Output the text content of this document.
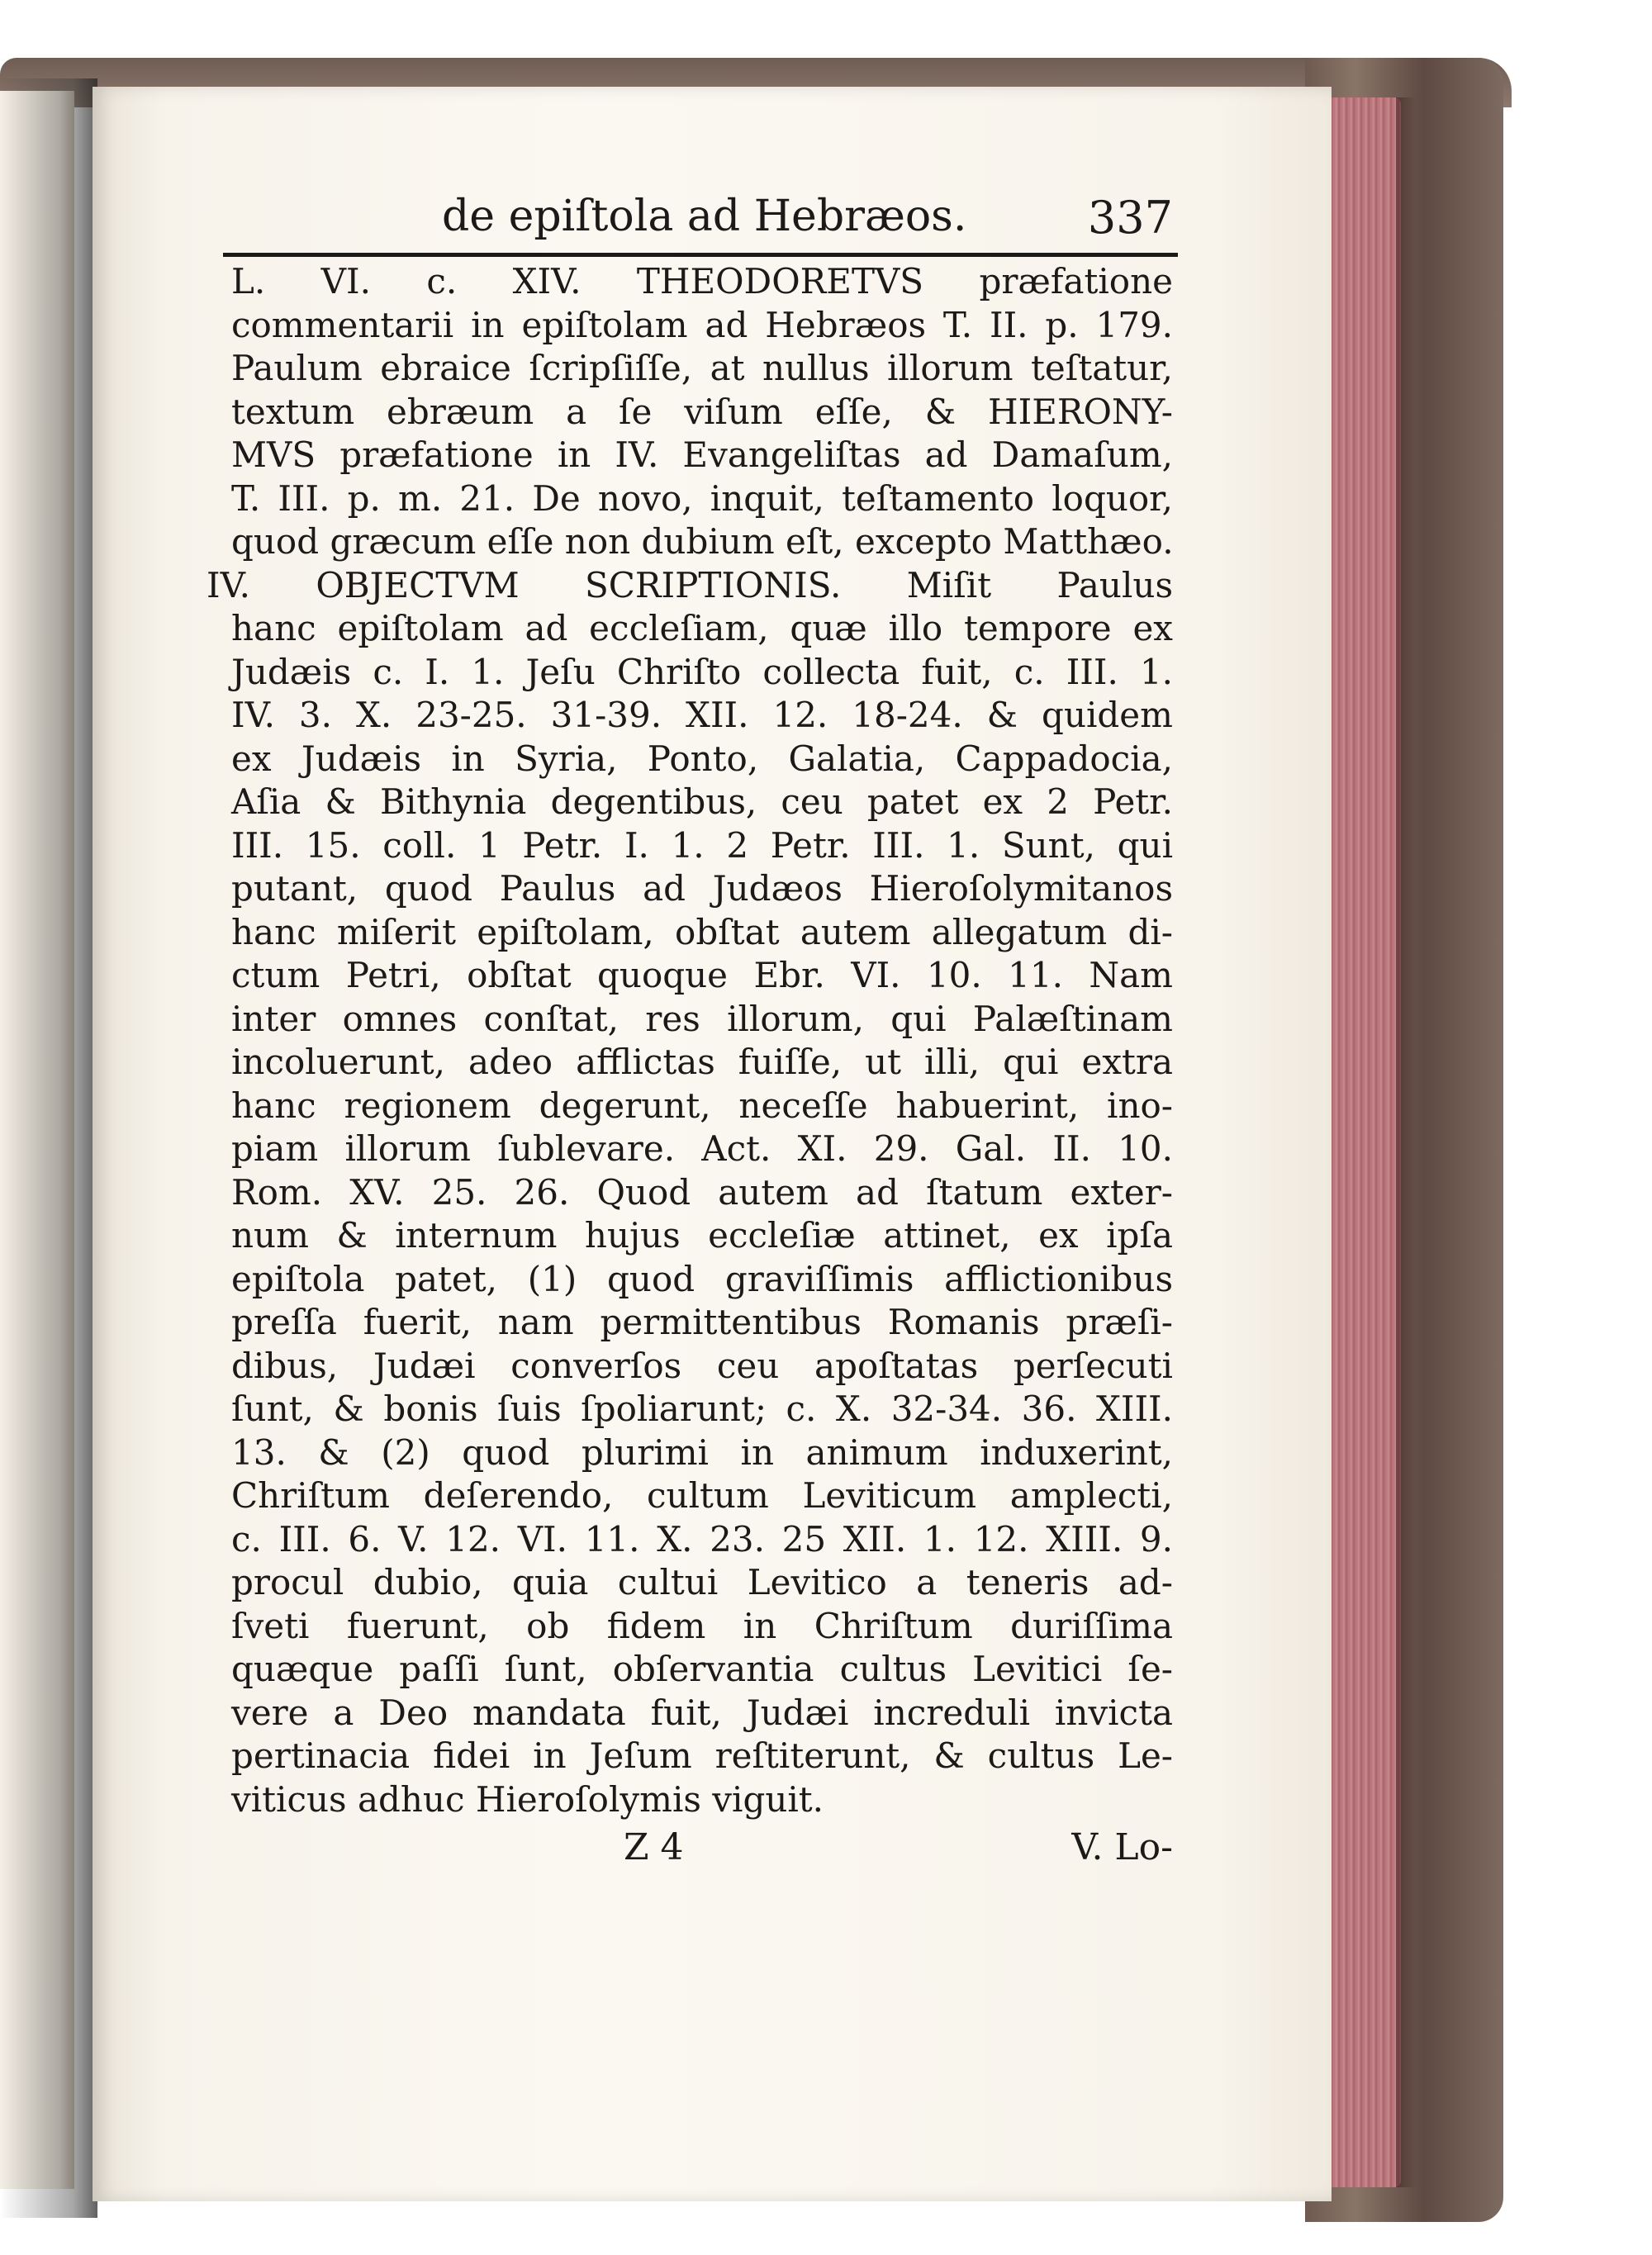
de epiſtola ad Hebræos.	337
L. VI. c. XIV. THEODORETVS præfatione
commentarii in epiſtolam ad Hebræos T. II. p. 179.
Paulum ebraice ſcripſiſſe, at nullus illorum teſtatur,
textum ebræum a ſe viſum eſſe, & HIERONY-
MVS præfatione in IV. Evangeliſtas ad Damaſum,
T. III. p. m. 21. De novo, inquit, teſtamento loquor,
quod græcum eſſe non dubium eſt, excepto Matthæo.
IV. OBJECTVM SCRIPTIONIS. Miſit Paulus
hanc epiſtolam ad eccleſiam, quæ illo tempore ex
Judæis c. I. 1. Jeſu Chriſto collecta fuit, c. III. 1.
IV. 3. X. 23-25. 31-39. XII. 12. 18-24. & quidem
ex Judæis in Syria, Ponto, Galatia, Cappadocia,
Aſia & Bithynia degentibus, ceu patet ex 2 Petr.
III. 15. coll. 1 Petr. I. 1. 2 Petr. III. 1. Sunt, qui
putant, quod Paulus ad Judæos Hieroſolymitanos
hanc miſerit epiſtolam, obſtat autem allegatum di-
ctum Petri, obſtat quoque Ebr. VI. 10. 11. Nam
inter omnes conſtat, res illorum, qui Palæſtinam
incoluerunt, adeo afflictas fuiſſe, ut illi, qui extra
hanc regionem degerunt, neceſſe habuerint, ino-
piam illorum ſublevare. Act. XI. 29. Gal. II. 10.
Rom. XV. 25. 26. Quod autem ad ſtatum exter-
num & internum hujus eccleſiæ attinet, ex ipſa
epiſtola patet, (1) quod graviſſimis afflictionibus
preſſa fuerit, nam permittentibus Romanis præſi-
dibus, Judæi converſos ceu apoſtatas perſecuti
ſunt, & bonis ſuis ſpoliarunt; c. X. 32-34. 36. XIII.
13. & (2) quod plurimi in animum induxerint,
Chriſtum deſerendo, cultum Leviticum amplecti,
c. III. 6. V. 12. VI. 11. X. 23. 25 XII. 1. 12. XIII. 9.
procul dubio, quia cultui Levitico a teneris ad-
ſveti fuerunt, ob fidem in Chriſtum duriſſima
quæque paſſi ſunt, obſervantia cultus Levitici ſe-
vere a Deo mandata fuit, Judæi increduli invicta
pertinacia fidei in Jeſum reſtiterunt, & cultus Le-
viticus adhuc Hieroſolymis viguit.
Z 4	V. Lo-
